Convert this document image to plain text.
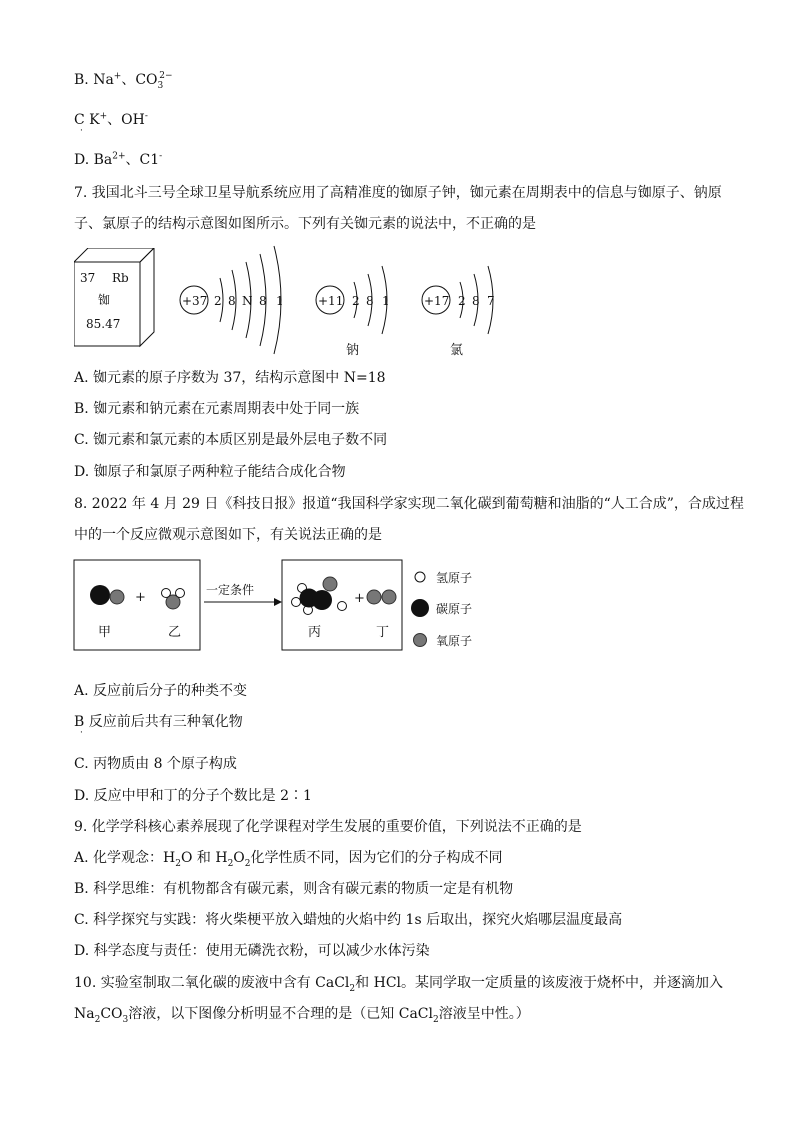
B. Na+、$CO_3^{2-}$
C K+、OH-
·
D. $Ba^{2+}$、C1-
7. 我国北斗三号全球卫星导航系统应用了高精准度的铷原子钟，铷元素在周期表中的信息与铷原子、钠原
子、氯原子的结构示意图如图所示。下列有关铷元素的说法中，不正确的是
37 Rb
铷
85.47
+37 2 8 N 8 1	+11 2 8 1
钠
+17 2 8 7
氯
A. 铷元素的原子序数为 37，结构示意图中 N=18
B. 铷元素和钠元素在元素周期表中处于同一族
C. 铷元素和氯元素的本质区别是最外层电子数不同
D. 铷原子和氯原子两种粒子能结合成化合物
8. 2022 年 4 月 29 日《科技日报》报道“我国科学家实现二氧化碳到葡萄糖和油脂的“人工合成”，合成过程
中的一个反应微观示意图如下，有关说法正确的是
+
甲	乙
一定条件
+
丙	丁
氢原子
碳原子
氧原子
A. 反应前后分子的种类不变
B 反应前后共有三种氧化物
·
C. 丙物质由 8 个原子构成
D. 反应中甲和丁的分子个数比是 2∶1
9. 化学学科核心素养展现了化学课程对学生发展的重要价值，下列说法不正确的是
A. 化学观念：$H_2O$ 和 $H_2O_2$化学性质不同，因为它们的分子构成不同
B. 科学思维：有机物都含有碳元素，则含有碳元素的物质一定是有机物
C. 科学探究与实践：将火柴梗平放入蜡烛的火焰中约 1s 后取出，探究火焰哪层温度最高
D. 科学态度与责任：使用无磷洗衣粉，可以减少水体污染
10. 实验室制取二氧化碳的废液中含有 CaCl$_2$和 HCl。某同学取一定质量的该废液于烧杯中，并逐滴加入
$Na_2CO_3$溶液，以下图像分析明显不合理的是（已知 CaCl$_2$溶液呈中性。）
